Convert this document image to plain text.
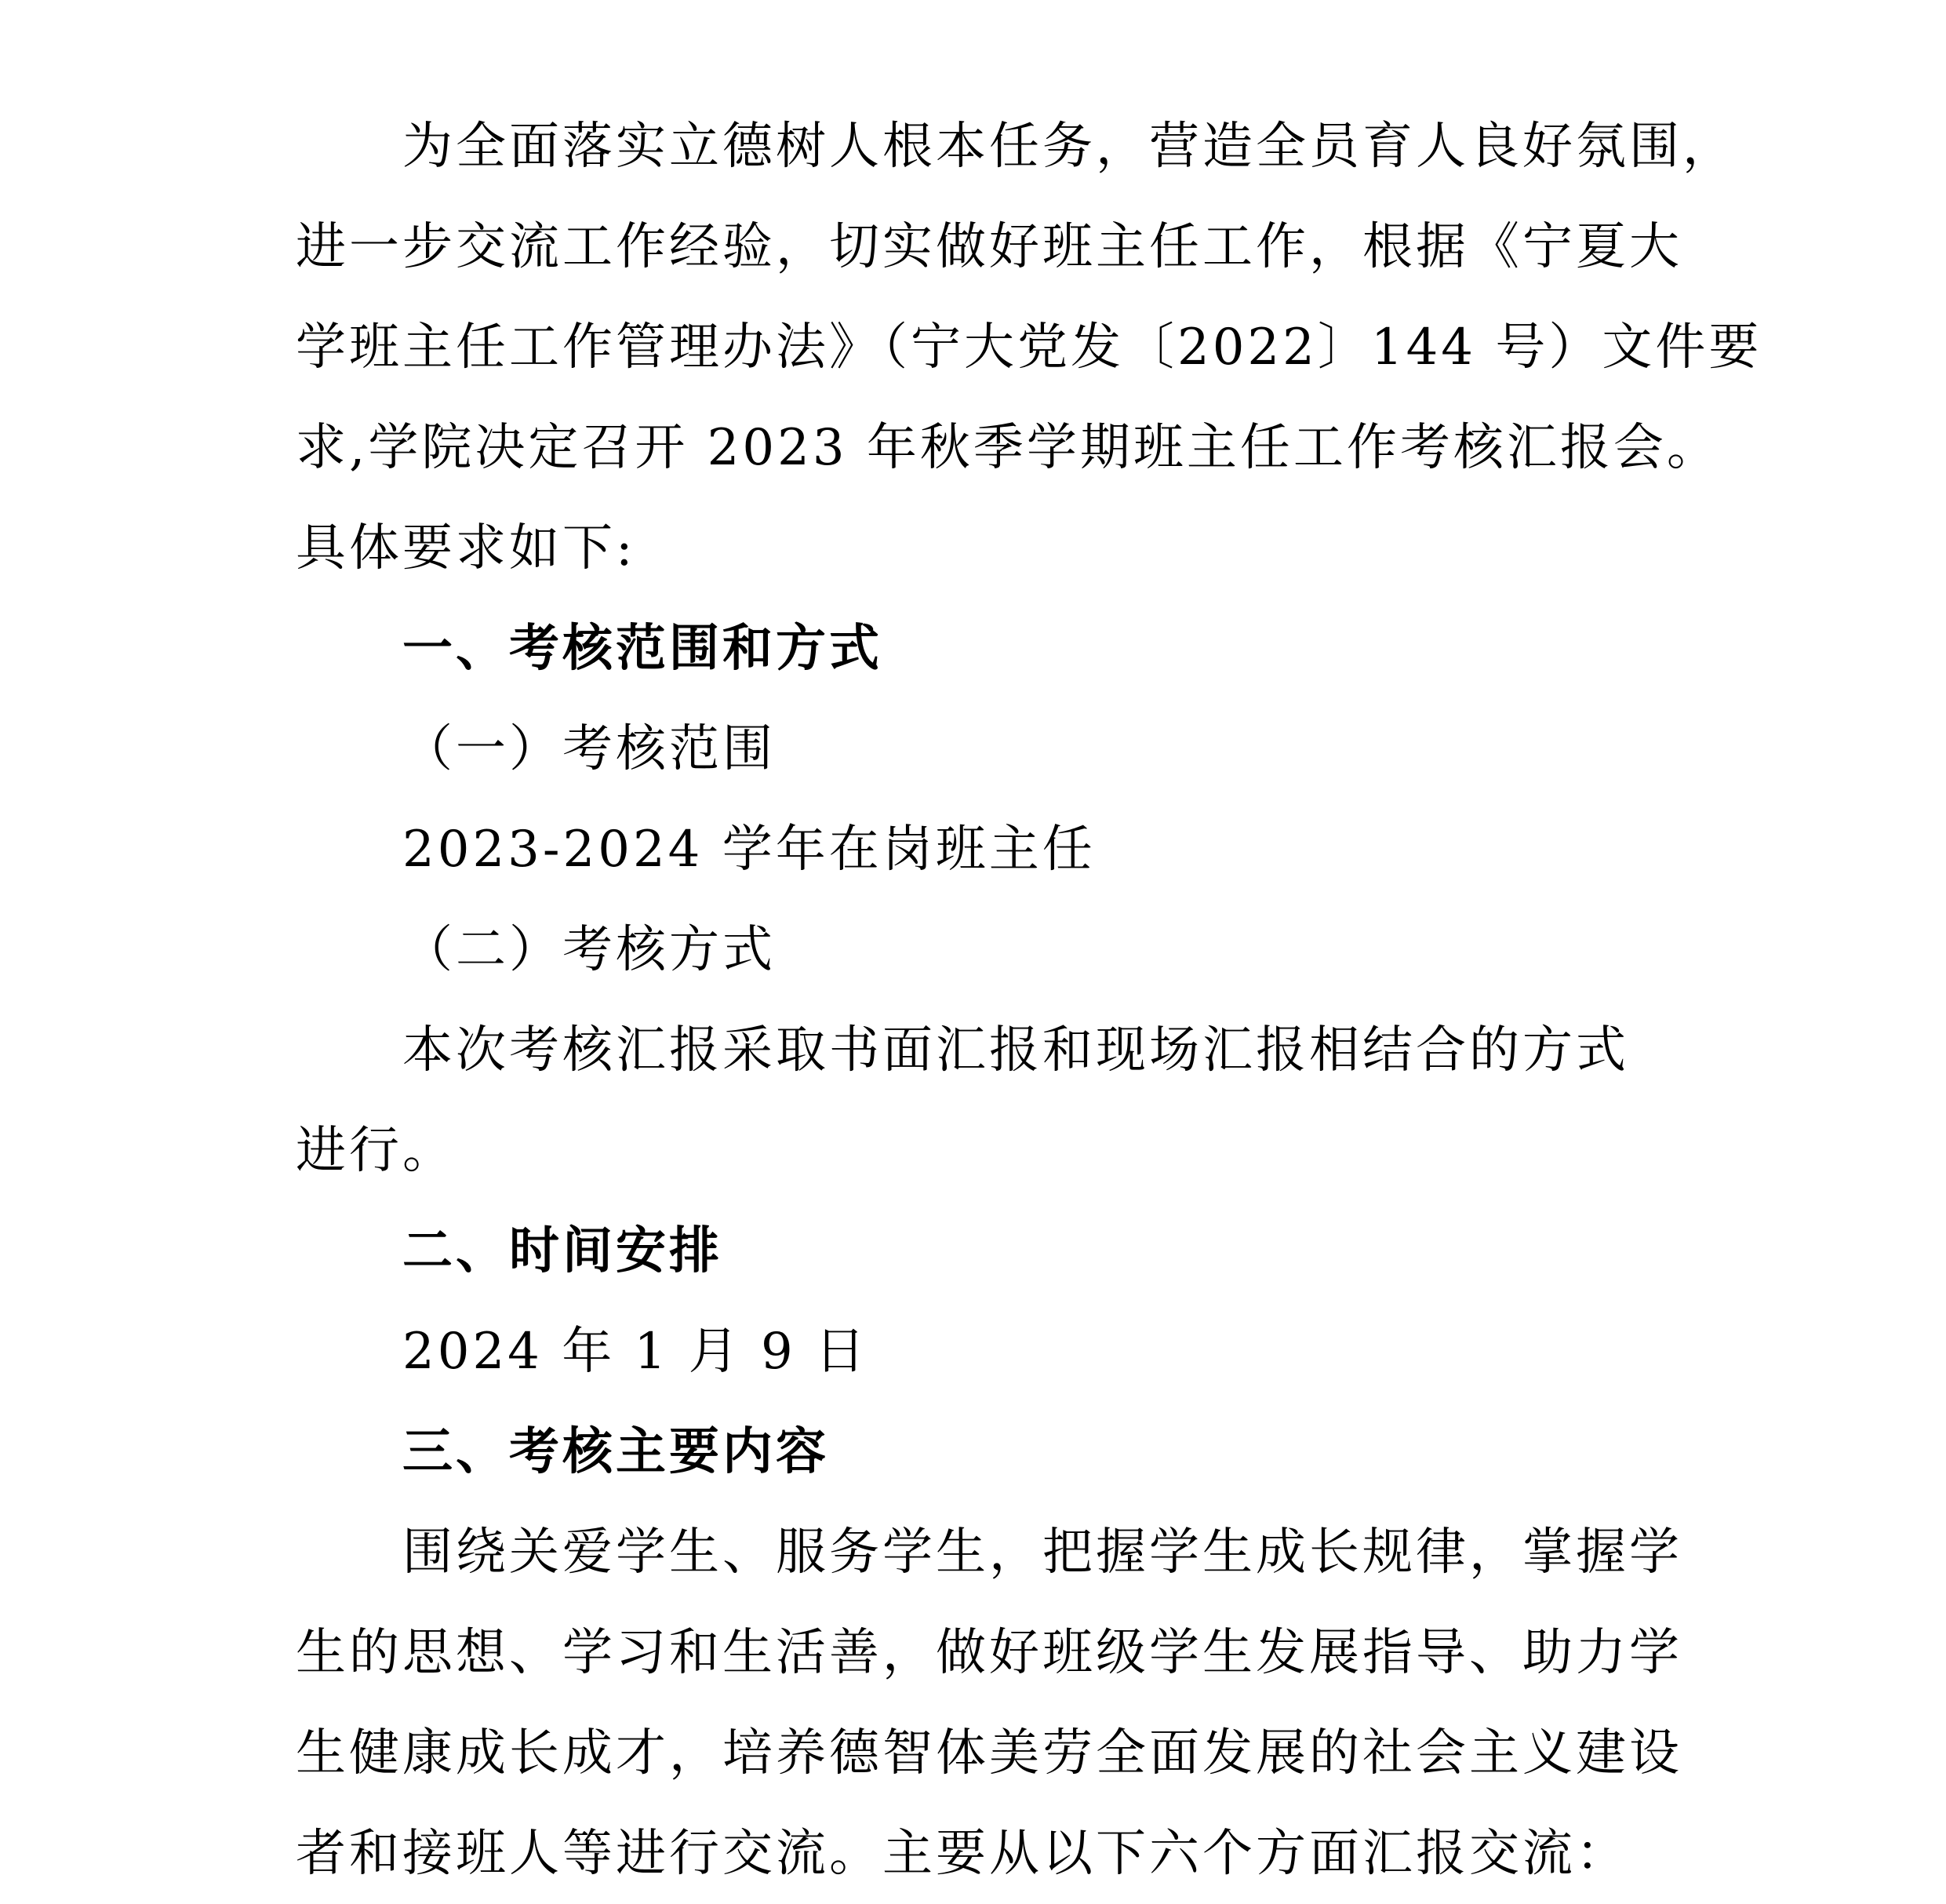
为全面落实立德树人根本任务，营造全员育人良好氛围，
进一步交流工作经验，切实做好班主任工作，根据《宁夏大
学班主任工作管理办法》（宁大党发〔2022〕144 号）文件要
求,学院决定召开 2023 年秋季学期班主任工作考核汇报会。
具体要求如下:
一、考核范围和方式
（一）考核范围
2023-2024 学年在岗班主任
（二）考核方式
本次考核汇报采取书面汇报和现场汇报相结合的方式
进行。
二、时间安排
2024 年 1 月 9 日
三、考核主要内容
围绕关爱学生、服务学生，把握学生成长规律，掌握学
生的思想、学习和生活善，做好班级学生发展指导、助力学
生健康成长成才，培养德智体美劳全面发展的社会主义建设
者和接班人等进行交流。主要从以下六个方面汇报交流：
